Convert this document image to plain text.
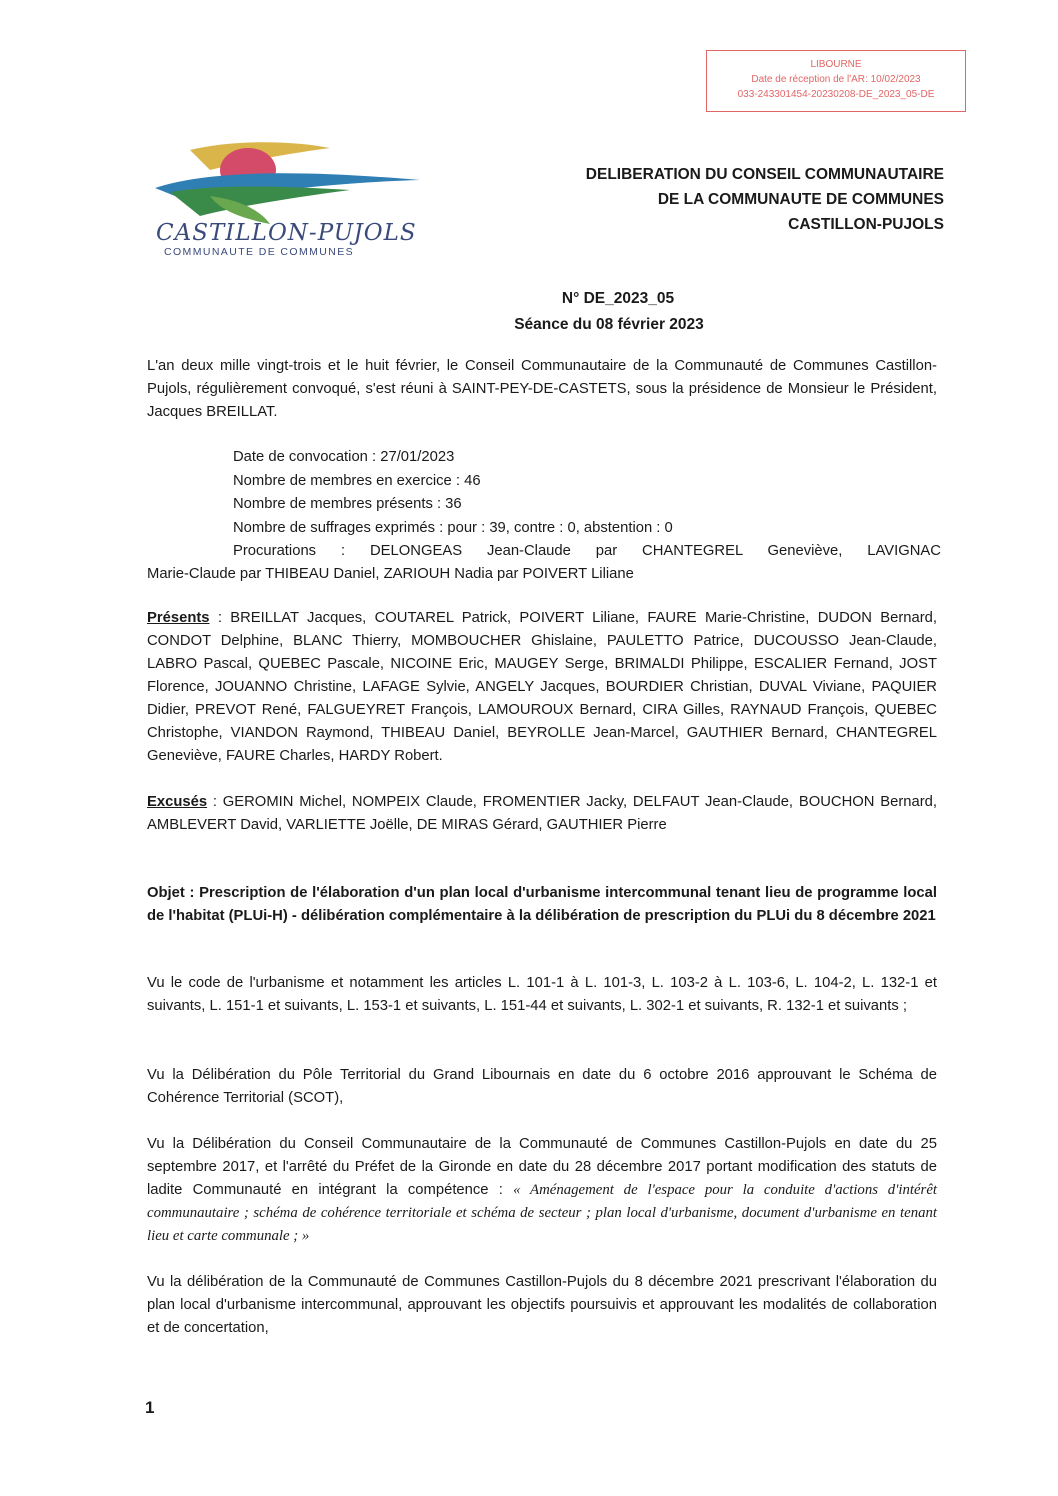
LIBOURNE
Date de réception de l'AR: 10/02/2023
033-243301454-20230208-DE_2023_05-DE
CASTILLON-PUJOLS
COMMUNAUTE DE COMMUNES
DELIBERATION DU CONSEIL COMMUNAUTAIRE
DE LA COMMUNAUTE DE COMMUNES
CASTILLON-PUJOLS
N° DE_2023_05
Séance du 08 février 2023
L'an deux mille vingt-trois et le huit février, le Conseil Communautaire de la Communauté de Communes Castillon-Pujols, régulièrement convoqué, s'est réuni à SAINT-PEY-DE-CASTETS, sous la présidence de Monsieur le Président, Jacques BREILLAT.
Date de convocation : 27/01/2023
Nombre de membres en exercice : 46
Nombre de membres présents : 36
Nombre de suffrages exprimés : pour : 39, contre : 0, abstention : 0
Procurations : DELONGEAS Jean-Claude par CHANTEGREL Geneviève, LAVIGNAC
Marie-Claude par THIBEAU Daniel, ZARIOUH Nadia par POIVERT Liliane
Présents : BREILLAT Jacques, COUTAREL Patrick, POIVERT Liliane, FAURE Marie-Christine, DUDON Bernard, CONDOT Delphine, BLANC Thierry, MOMBOUCHER Ghislaine, PAULETTO Patrice, DUCOUSSO Jean-Claude, LABRO Pascal, QUEBEC Pascale, NICOINE Eric, MAUGEY Serge, BRIMALDI Philippe, ESCALIER Fernand, JOST Florence, JOUANNO Christine, LAFAGE Sylvie, ANGELY Jacques, BOURDIER Christian, DUVAL Viviane, PAQUIER Didier, PREVOT René, FALGUEYRET François, LAMOUROUX Bernard, CIRA Gilles, RAYNAUD François, QUEBEC Christophe, VIANDON Raymond, THIBEAU Daniel, BEYROLLE Jean-Marcel, GAUTHIER Bernard, CHANTEGREL Geneviève, FAURE Charles, HARDY Robert.
Excusés : GEROMIN Michel, NOMPEIX Claude, FROMENTIER Jacky, DELFAUT Jean-Claude, BOUCHON Bernard, AMBLEVERT David, VARLIETTE Joëlle, DE MIRAS Gérard, GAUTHIER Pierre
Objet : Prescription de l'élaboration d'un plan local d'urbanisme intercommunal tenant lieu de programme local de l'habitat (PLUi-H) - délibération complémentaire à la délibération de prescription du PLUi du 8 décembre 2021
Vu le code de l'urbanisme et notamment les articles L. 101-1 à L. 101-3, L. 103-2 à L. 103-6, L. 104-2, L. 132-1 et suivants, L. 151-1 et suivants, L. 153-1 et suivants, L. 151-44 et suivants, L. 302-1 et suivants, R. 132-1 et suivants ;
Vu la Délibération du Pôle Territorial du Grand Libournais en date du 6 octobre 2016 approuvant le Schéma de Cohérence Territorial (SCOT),
Vu la Délibération du Conseil Communautaire de la Communauté de Communes Castillon-Pujols en date du 25 septembre 2017, et l'arrêté du Préfet de la Gironde en date du 28 décembre 2017 portant modification des statuts de ladite Communauté en intégrant la compétence : « Aménagement de l'espace pour la conduite d'actions d'intérêt communautaire ; schéma de cohérence territoriale et schéma de secteur ; plan local d'urbanisme, document d'urbanisme en tenant lieu et carte communale ; »
Vu la délibération de la Communauté de Communes Castillon-Pujols du 8 décembre 2021 prescrivant l'élaboration du plan local d'urbanisme intercommunal, approuvant les objectifs poursuivis et approuvant les modalités de collaboration et de concertation,
1
